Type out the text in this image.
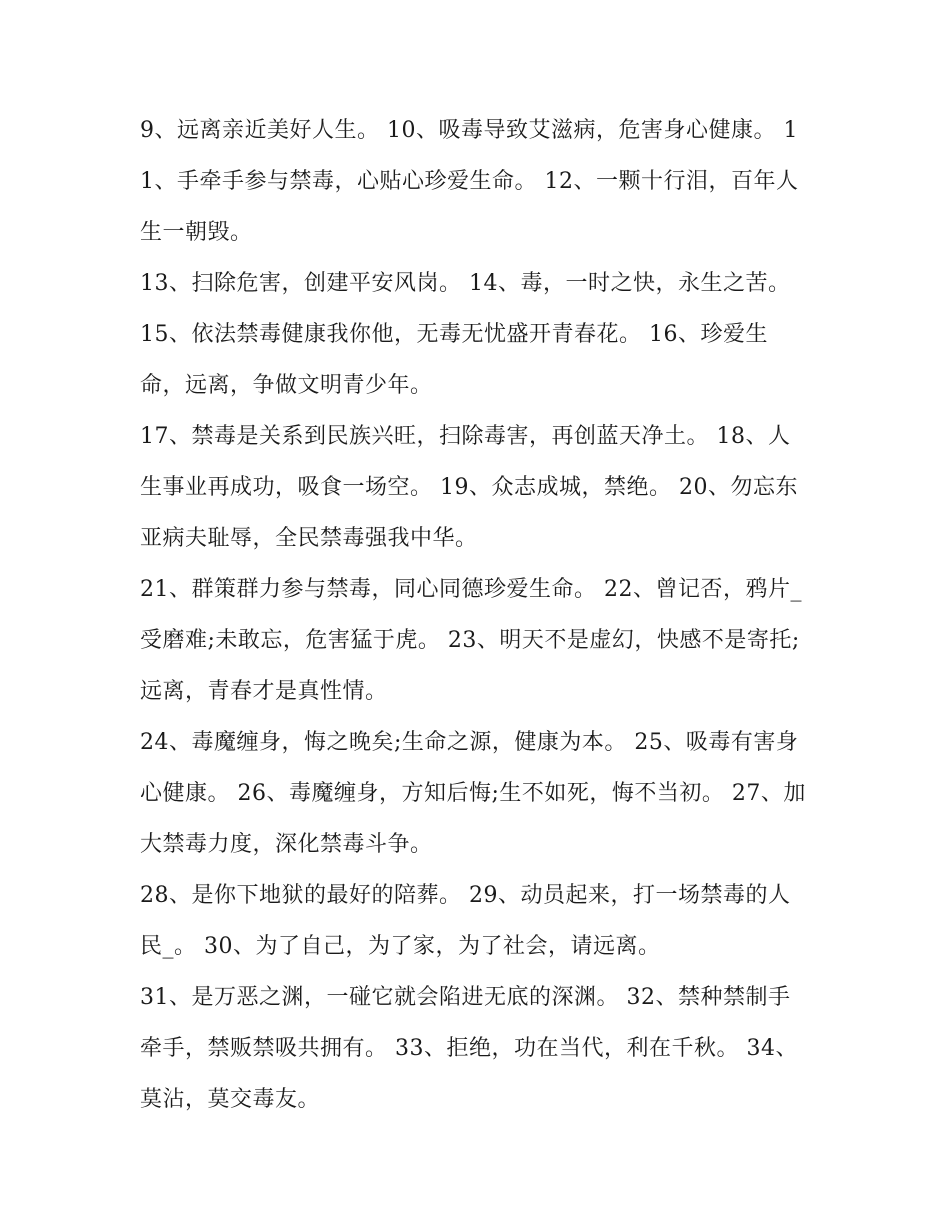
9、远离亲近美好人生。 10、吸毒导致艾滋病，危害身心健康。 11、手牵手参与禁毒，心贴心珍爱生命。 12、一颗十行泪，百年人生一朝毁。

13、扫除危害，创建平安风岗。 14、毒，一时之快，永生之苦。 15、依法禁毒健康我你他，无毒无忧盛开青春花。 16、珍爱生命，远离，争做文明青少年。

17、禁毒是关系到民族兴旺，扫除毒害，再创蓝天净土。 18、人生事业再成功，吸食一场空。 19、众志成城，禁绝。 20、勿忘东亚病夫耻辱，全民禁毒强我中华。

21、群策群力参与禁毒，同心同德珍爱生命。 22、曾记否，鸦片_受磨难;未敢忘，危害猛于虎。 23、明天不是虚幻，快感不是寄托;远离，青春才是真性情。

24、毒魔缠身，悔之晚矣;生命之源，健康为本。 25、吸毒有害身心健康。 26、毒魔缠身，方知后悔;生不如死，悔不当初。 27、加大禁毒力度，深化禁毒斗争。

28、是你下地狱的最好的陪葬。 29、动员起来，打一场禁毒的人民_。 30、为了自己，为了家，为了社会，请远离。

31、是万恶之渊，一碰它就会陷进无底的深渊。 32、禁种禁制手牵手，禁贩禁吸共拥有。 33、拒绝，功在当代，利在千秋。 34、莫沾，莫交毒友。
